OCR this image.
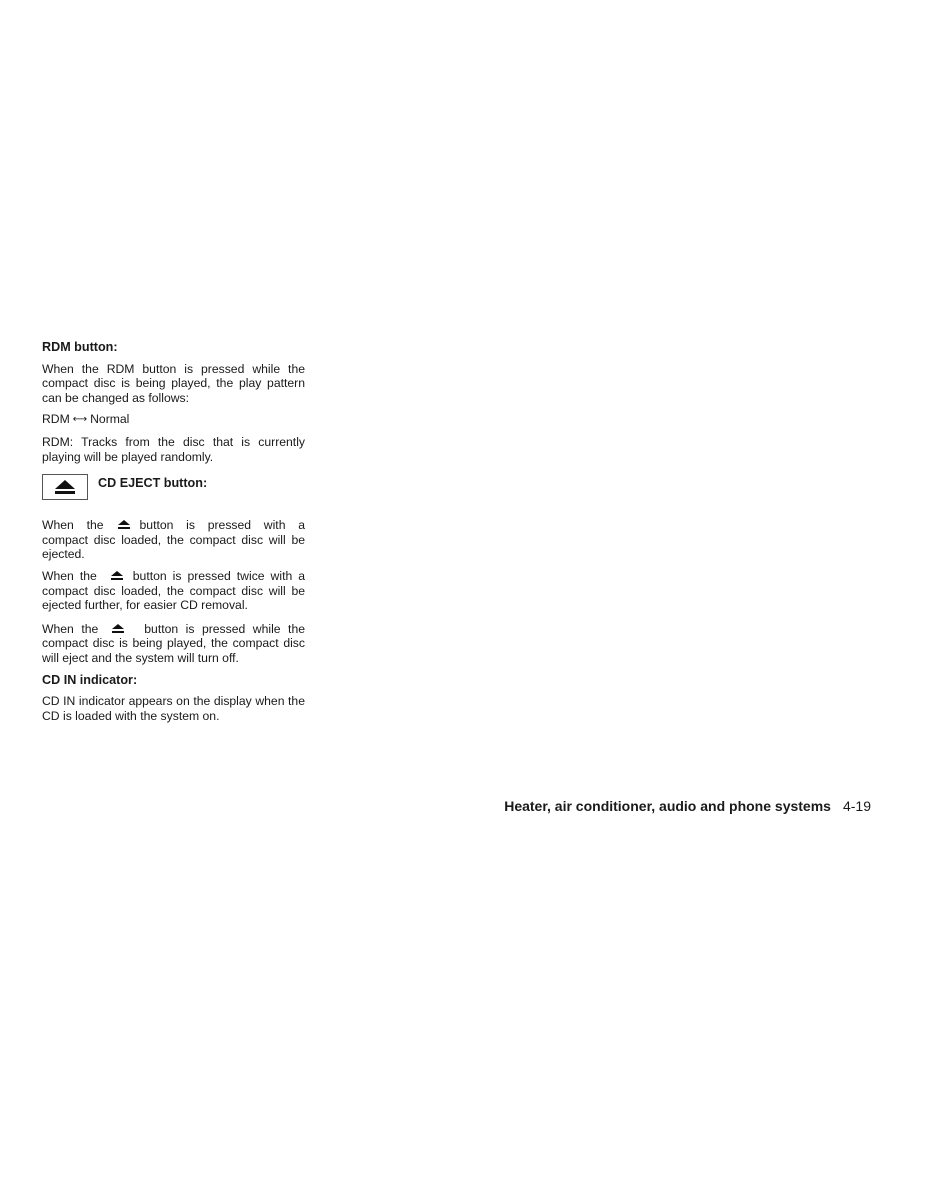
RDM button:

When the RDM button is pressed while the compact disc is being played, the play pattern can be changed as follows:

RDM ⟷ Normal

RDM: Tracks from the disc that is currently playing will be played randomly.

CD EJECT button:

When the	button is pressed with a compact disc loaded, the compact disc will be ejected.

When the	button is pressed twice with a compact disc loaded, the compact disc will be ejected further, for easier CD removal.

When the	button is pressed while the compact disc is being played, the compact disc will eject and the system will turn off.

CD IN indicator:

CD IN indicator appears on the display when the CD is loaded with the system on.

Heater, air conditioner, audio and phone systems 4-19
